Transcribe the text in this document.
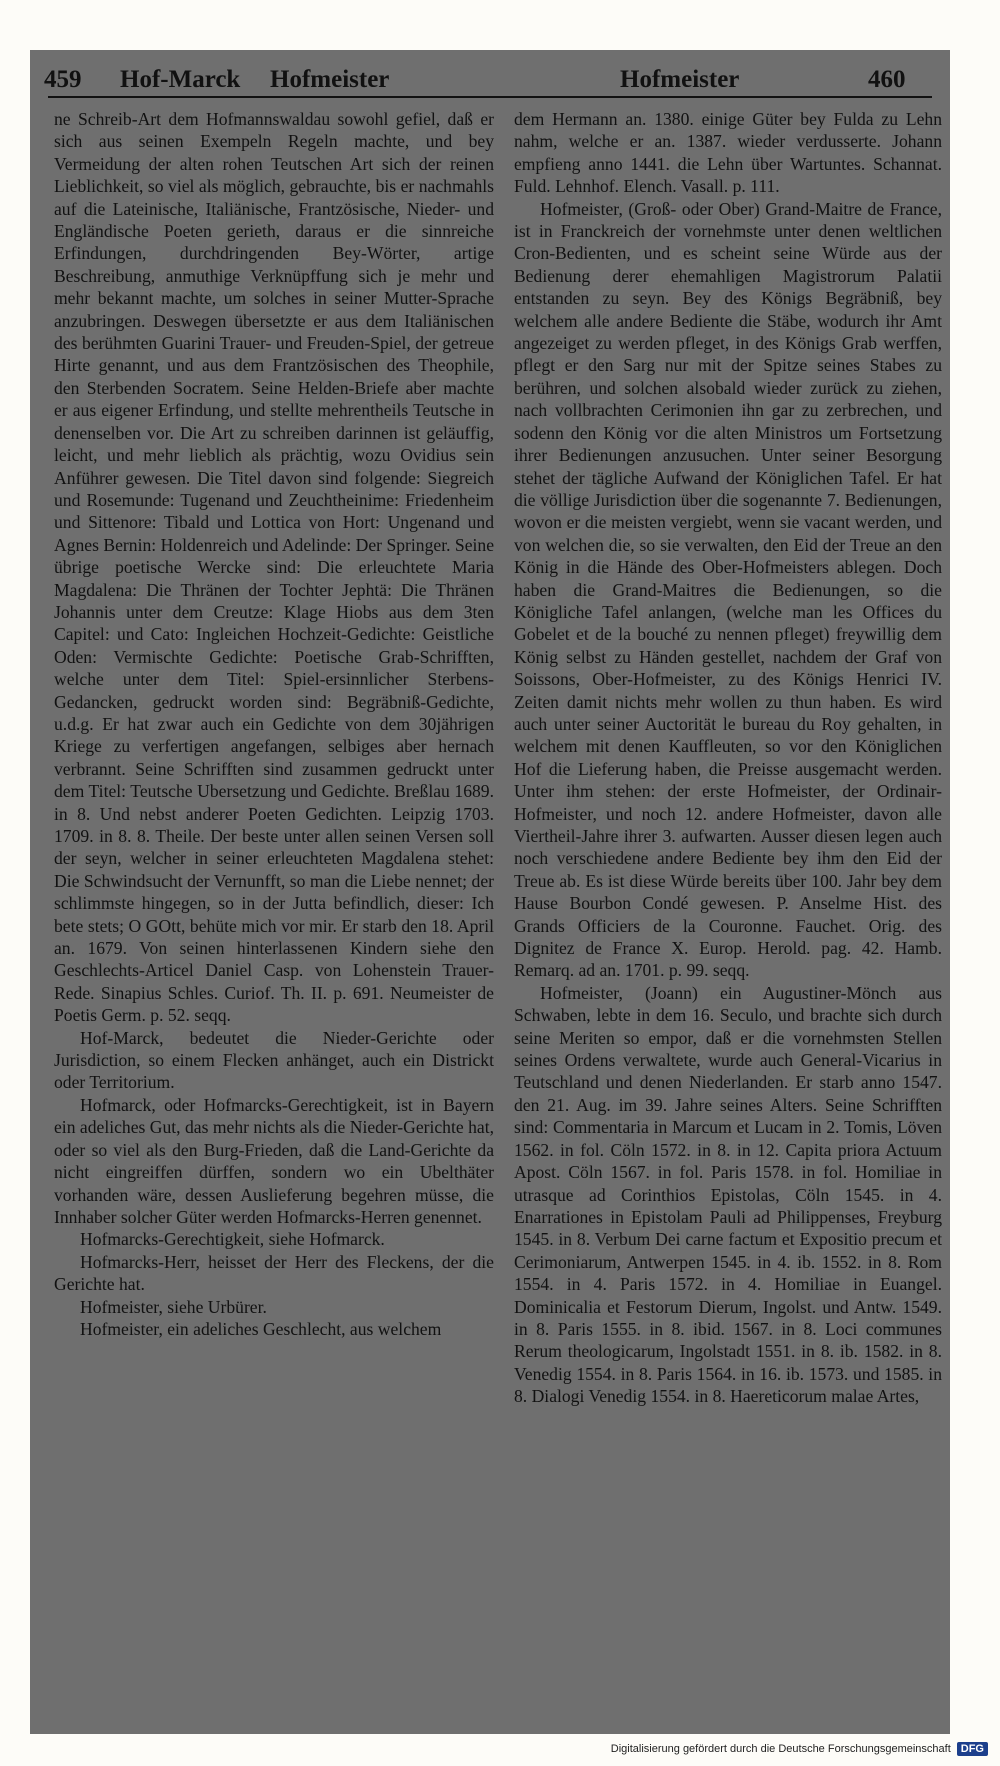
459 Hof-Marck Hofmeister	Hofmeister	460

ne Schreib-Art dem Hofmannswaldau sowohl gefiel, daß er sich aus seinen Exempeln Regeln machte, und bey Vermeidung der alten rohen Teutschen Art sich der reinen Lieblichkeit, so viel als möglich, gebrauchte, bis er nachmahls auf die Lateinische, Italiänische, Frantzösische, Nieder- und Engländische Poeten gerieth, daraus er die sinnreiche Erfindungen, durchdringenden Bey-Wörter, artige Beschreibung, anmuthige Verknüpffung sich je mehr und mehr bekannt machte, um solches in seiner Mutter-Sprache anzubringen. Deswegen übersetzte er aus dem Italiänischen des berühmten Guarini Trauer- und Freuden-Spiel, der getreue Hirte genannt, und aus dem Frantzösischen des Theophile, den Sterbenden Socratem. Seine Helden-Briefe aber machte er aus eigener Erfindung, und stellte mehrentheils Teutsche in denenselben vor. Die Art zu schreiben darinnen ist geläuffig, leicht, und mehr lieblich als prächtig, wozu Ovidius sein Anführer gewesen. Die Titel davon sind folgende: Siegreich und Rosemunde: Tugenand und Zeuchtheinime: Friedenheim und Sittenore: Tibald und Lottica von Hort: Ungenand und Agnes Bernin: Holdenreich und Adelinde: Der Springer. Seine übrige poetische Wercke sind: Die erleuchtete Maria Magdalena: Die Thränen der Tochter Jephtä: Die Thränen Johannis unter dem Creutze: Klage Hiobs aus dem 3ten Capitel: und Cato: Ingleichen Hochzeit-Gedichte: Geistliche Oden: Vermischte Gedichte: Poetische Grab-Schrifften, welche unter dem Titel: Spiel-ersinnlicher Sterbens-Gedancken, gedruckt worden sind: Begräbniß-Gedichte, u.d.g. Er hat zwar auch ein Gedichte von dem 30jährigen Kriege zu verfertigen angefangen, selbiges aber hernach verbrannt. Seine Schrifften sind zusammen gedruckt unter dem Titel: Teutsche Ubersetzung und Gedichte. Breßlau 1689. in 8. Und nebst anderer Poeten Gedichten. Leipzig 1703. 1709. in 8. 8. Theile. Der beste unter allen seinen Versen soll der seyn, welcher in seiner erleuchteten Magdalena stehet: Die Schwindsucht der Vernunfft, so man die Liebe nennet; der schlimmste hingegen, so in der Jutta befindlich, dieser: Ich bete stets; O GOtt, behüte mich vor mir. Er starb den 18. April an. 1679. Von seinen hinterlassenen Kindern siehe den Geschlechts-Articel Daniel Casp. von Lohenstein Trauer-Rede. Sinapius Schles. Curiof. Th. II. p. 691. Neumeister de Poetis Germ. p. 52. seqq.

Hof-Marck, bedeutet die Nieder-Gerichte oder Jurisdiction, so einem Flecken anhänget, auch ein Districkt oder Territorium.

Hofmarck, oder Hofmarcks-Gerechtigkeit, ist in Bayern ein adeliches Gut, das mehr nichts als die Nieder-Gerichte hat, oder so viel als den Burg-Frieden, daß die Land-Gerichte da nicht eingreiffen dürffen, sondern wo ein Ubelthäter vorhanden wäre, dessen Auslieferung begehren müsse, die Innhaber solcher Güter werden Hofmarcks-Herren genennet.

Hofmarcks-Gerechtigkeit, siehe Hofmarck.

Hofmarcks-Herr, heisset der Herr des Fleckens, der die Gerichte hat.

Hofmeister, siehe Urbürer.

Hofmeister, ein adeliches Geschlecht, aus welchem

dem Hermann an. 1380. einige Güter bey Fulda zu Lehn nahm, welche er an. 1387. wieder verdusserte. Johann empfieng anno 1441. die Lehn über Wartuntes. Schannat. Fuld. Lehnhof. Elench. Vasall. p. 111.

Hofmeister, (Groß- oder Ober) Grand-Maitre de France, ist in Franckreich der vornehmste unter denen weltlichen Cron-Bedienten, und es scheint seine Würde aus der Bedienung derer ehemahligen Magistrorum Palatii entstanden zu seyn. Bey des Königs Begräbniß, bey welchem alle andere Bediente die Stäbe, wodurch ihr Amt angezeiget zu werden pfleget, in des Königs Grab werffen, pflegt er den Sarg nur mit der Spitze seines Stabes zu berühren, und solchen alsobald wieder zurück zu ziehen, nach vollbrachten Cerimonien ihn gar zu zerbrechen, und sodenn den König vor die alten Ministros um Fortsetzung ihrer Bedienungen anzusuchen. Unter seiner Besorgung stehet der tägliche Aufwand der Königlichen Tafel. Er hat die völlige Jurisdiction über die sogenannte 7. Bedienungen, wovon er die meisten vergiebt, wenn sie vacant werden, und von welchen die, so sie verwalten, den Eid der Treue an den König in die Hände des Ober-Hofmeisters ablegen. Doch haben die Grand-Maitres die Bedienungen, so die Königliche Tafel anlangen, (welche man les Offices du Gobelet et de la bouché zu nennen pfleget) freywillig dem König selbst zu Händen gestellet, nachdem der Graf von Soissons, Ober-Hofmeister, zu des Königs Henrici IV. Zeiten damit nichts mehr wollen zu thun haben. Es wird auch unter seiner Auctorität le bureau du Roy gehalten, in welchem mit denen Kauffleuten, so vor den Königlichen Hof die Lieferung haben, die Preisse ausgemacht werden. Unter ihm stehen: der erste Hofmeister, der Ordinair-Hofmeister, und noch 12. andere Hofmeister, davon alle Viertheil-Jahre ihrer 3. aufwarten. Ausser diesen legen auch noch verschiedene andere Bediente bey ihm den Eid der Treue ab. Es ist diese Würde bereits über 100. Jahr bey dem Hause Bourbon Condé gewesen. P. Anselme Hist. des Grands Officiers de la Couronne. Fauchet. Orig. des Dignitez de France X. Europ. Herold. pag. 42. Hamb. Remarq. ad an. 1701. p. 99. seqq.

Hofmeister, (Joann) ein Augustiner-Mönch aus Schwaben, lebte in dem 16. Seculo, und brachte sich durch seine Meriten so empor, daß er die vornehmsten Stellen seines Ordens verwaltete, wurde auch General-Vicarius in Teutschland und denen Niederlanden. Er starb anno 1547. den 21. Aug. im 39. Jahre seines Alters. Seine Schrifften sind: Commentaria in Marcum et Lucam in 2. Tomis, Löven 1562. in fol. Cöln 1572. in 8. in 12. Capita priora Actuum Apost. Cöln 1567. in fol. Paris 1578. in fol. Homiliae in utrasque ad Corinthios Epistolas, Cöln 1545. in 4. Enarrationes in Epistolam Pauli ad Philippenses, Freyburg 1545. in 8. Verbum Dei carne factum et Expositio precum et Cerimoniarum, Antwerpen 1545. in 4. ib. 1552. in 8. Rom 1554. in 4. Paris 1572. in 4. Homiliae in Euangel. Dominicalia et Festorum Dierum, Ingolst. und Antw. 1549. in 8. Paris 1555. in 8. ibid. 1567. in 8. Loci communes Rerum theologicarum, Ingolstadt 1551. in 8. ib. 1582. in 8. Venedig 1554. in 8. Paris 1564. in 16. ib. 1573. und 1585. in 8. Dialogi Venedig 1554. in 8. Haereticorum malae Artes,

Digitalisierung gefördert durch die Deutsche Forschungsgemeinschaft DFG
